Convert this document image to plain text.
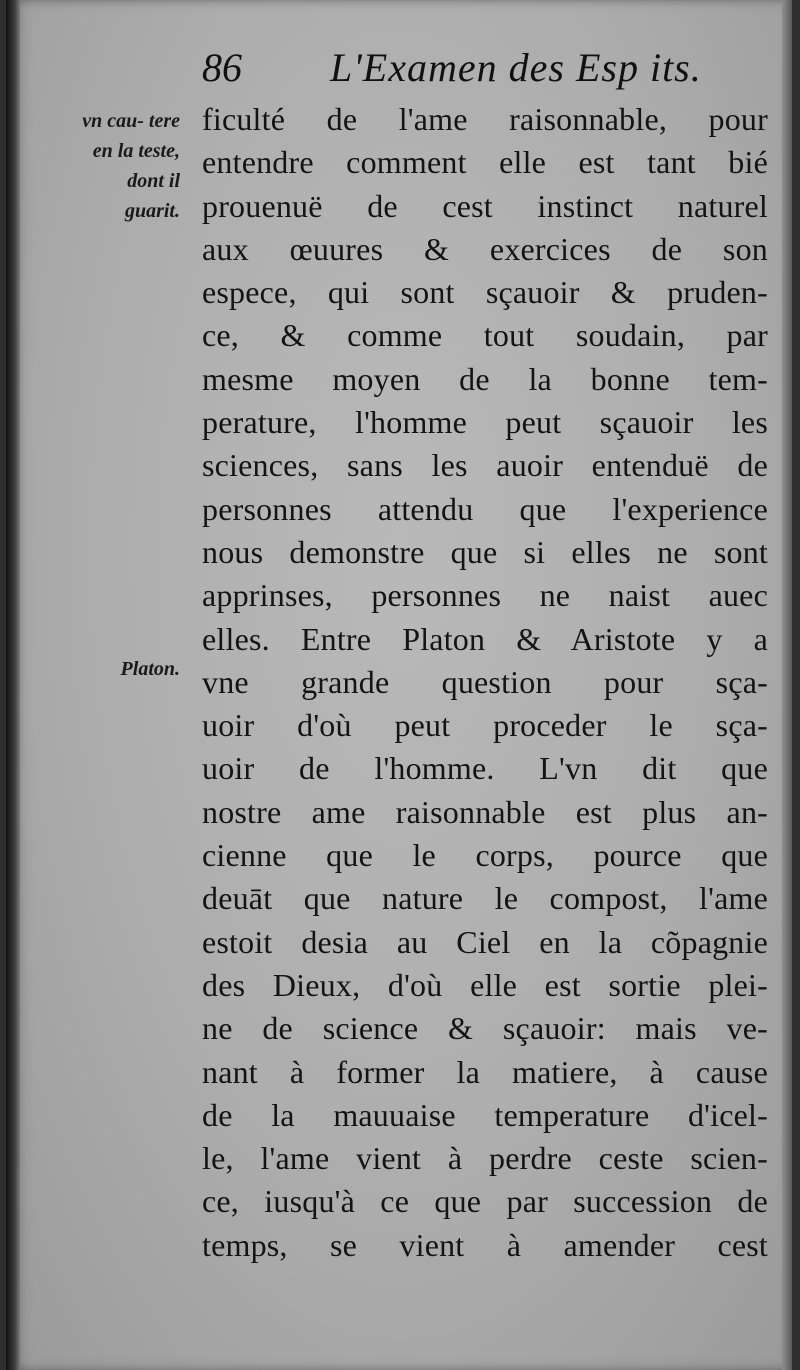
86 L'Examen des Esp its.
vn cau- tere en la teste, dont il guarit.
Platon.
ficulté de l'ame raisonnable, pour
entendre comment elle est tant bié
prouenuë de cest instinct naturel
aux œuures & exercices de son
especе, qui sont sçauoir & pruden-
ce, & comme tout soudain, par
mesme moyen de la bonne tem-
perature, l'homme peut sçauoir les
sciences, sans les auoir entenduë de
personnes attendu que l'experience
nous demonstre que si elles ne sont
apprinses, personnes ne naist auec
elles. Entre Platon & Aristote y a
vne grande question pour sça-
uoir d'où peut proceder le sça-
uoir de l'homme. L'vn dit que
nostre ame raisonnable est plus an-
cienne que le corps, pource que
deuāt que nature le compost, l'ame
estoit desia au Ciel en la cõpagnie
des Dieux, d'où elle est sortie plei-
ne de science & sçauoir: mais ve-
nant à former la matiere, à cause
de la mauuaise temperature d'icel-
le, l'ame vient à perdre ceste scien-
ce, iusqu'à ce que par succession de
temps, se vient à amender cest
